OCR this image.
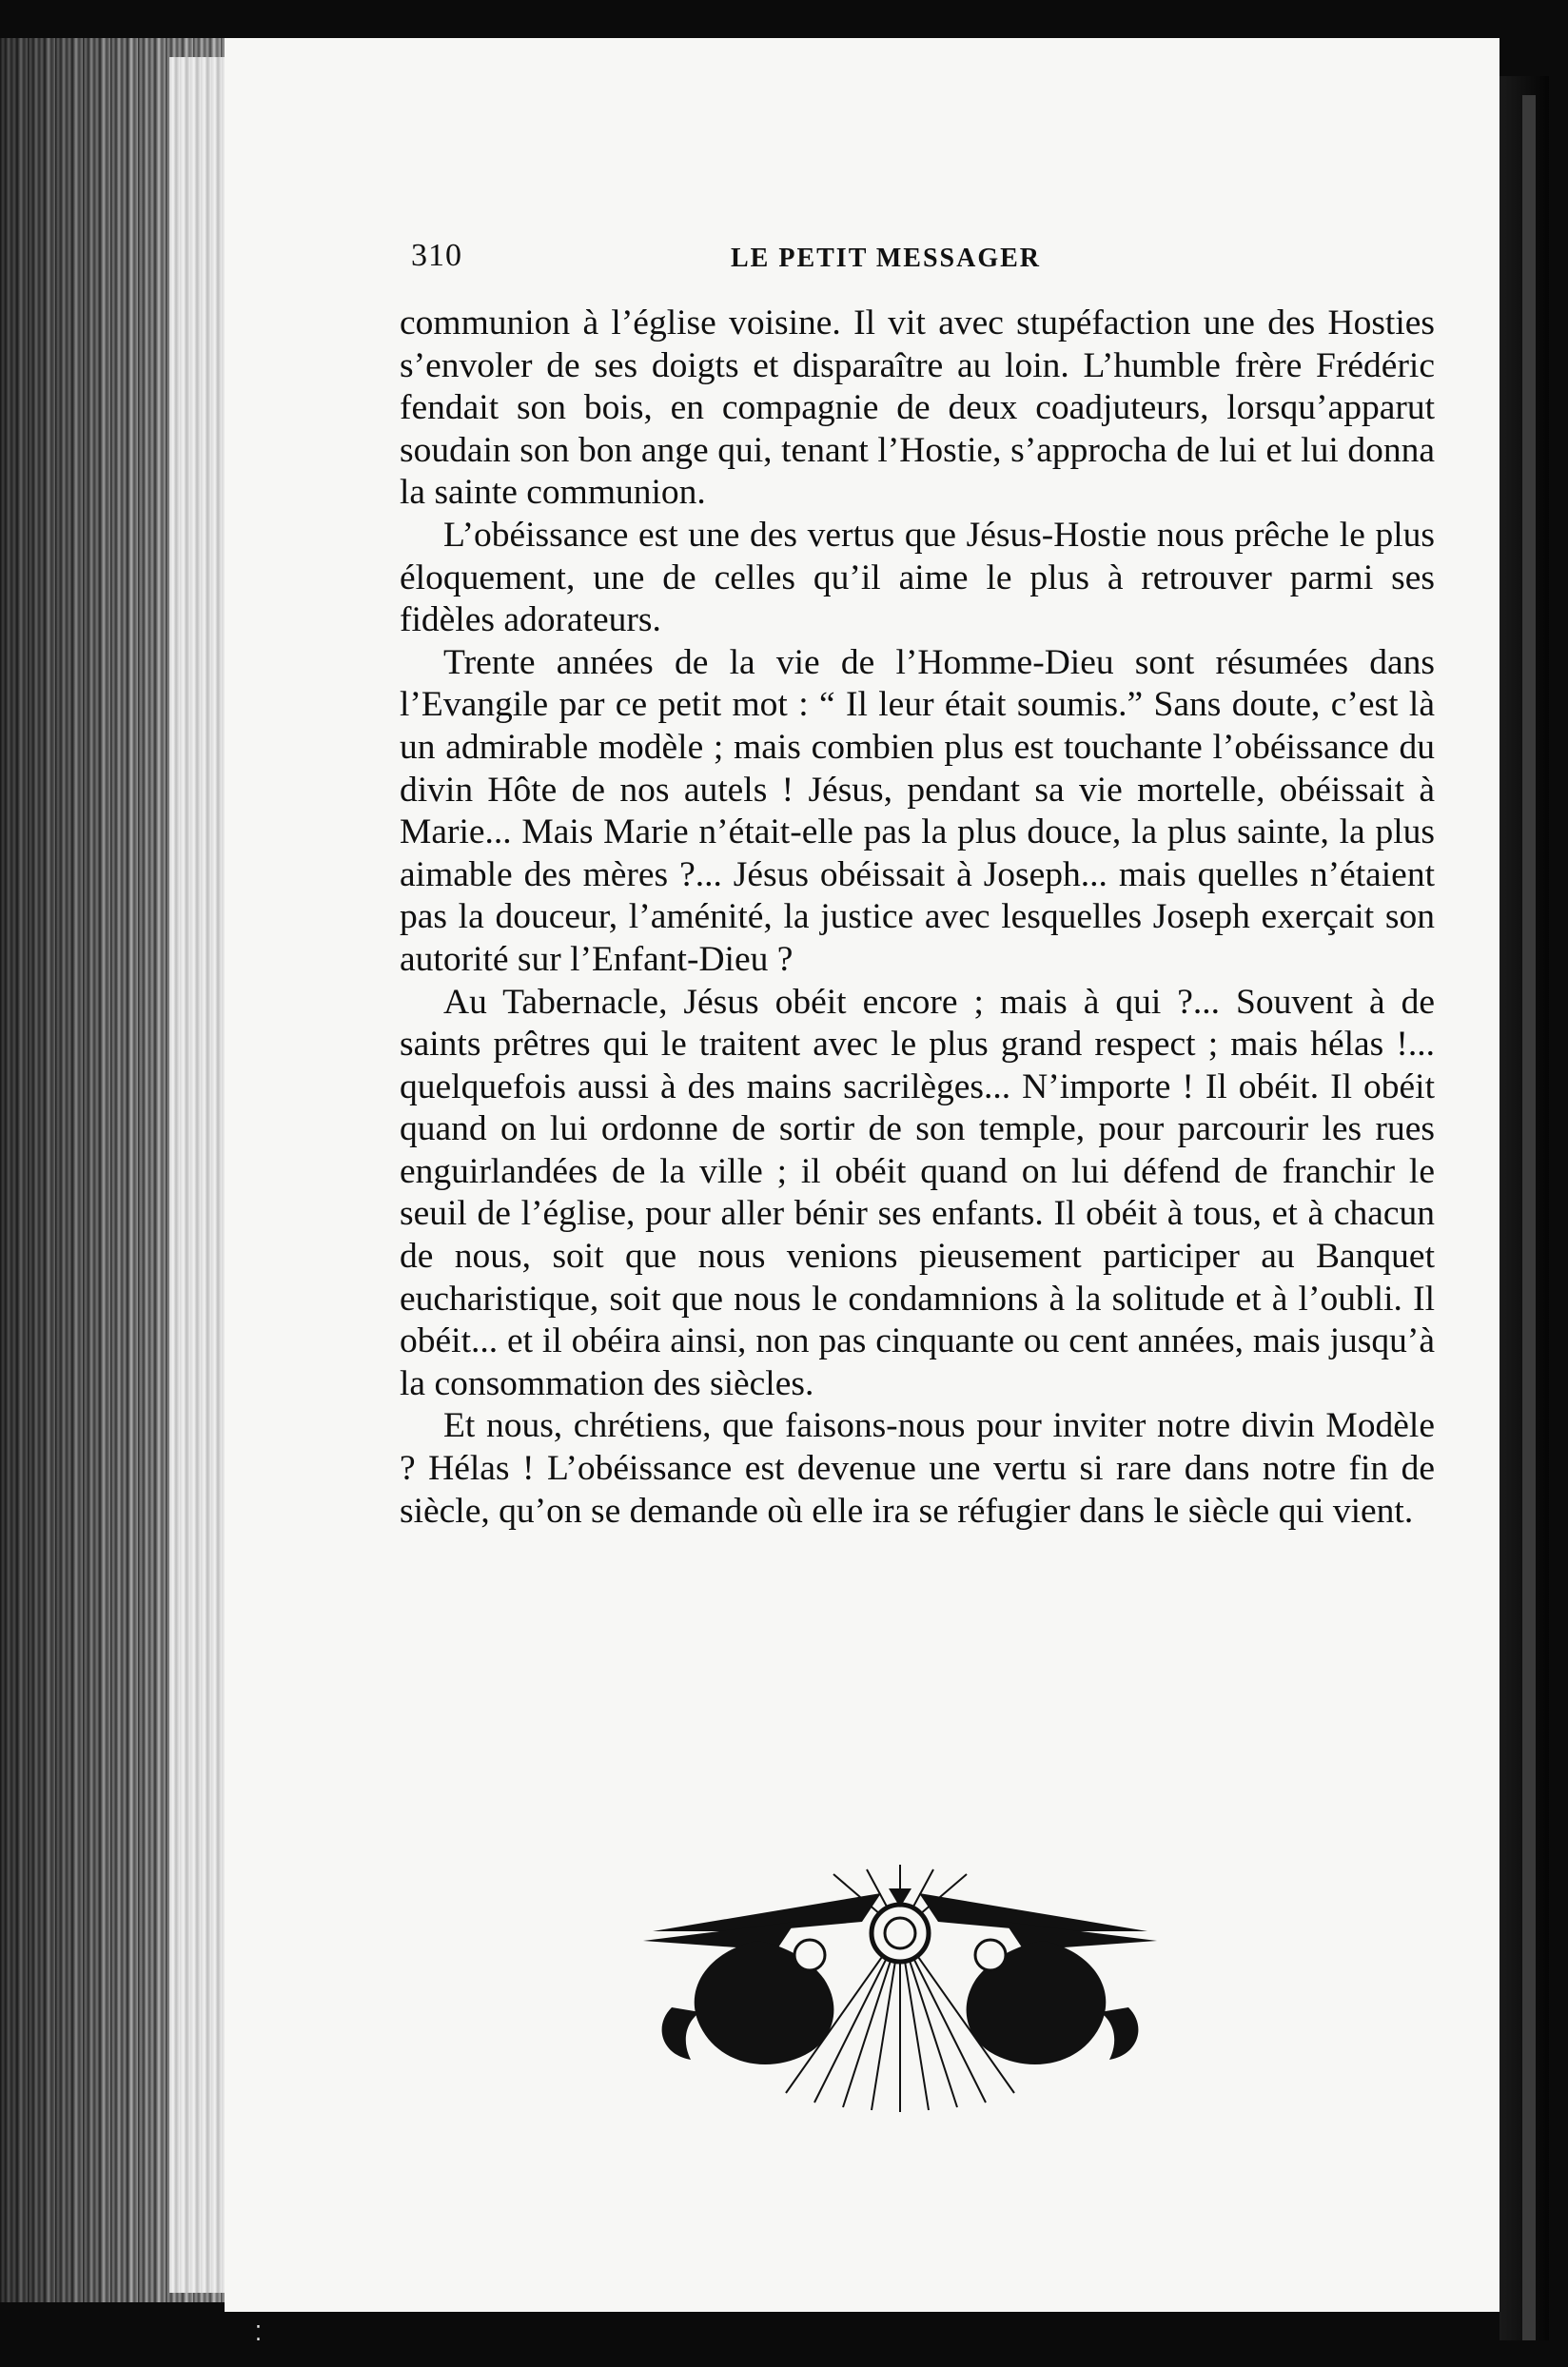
310	LE PETIT MESSAGER

communion à l’église voisine. Il vit avec stupéfaction une des Hosties s’envoler de ses doigts et disparaître au loin. L’humble frère Frédéric fendait son bois, en compagnie de deux coadjuteurs, lorsqu’apparut soudain son bon ange qui, tenant l’Hostie, s’approcha de lui et lui donna la sainte communion.

L’obéissance est une des vertus que Jésus-Hostie nous prêche le plus éloquement, une de celles qu’il aime le plus à retrouver parmi ses fidèles adorateurs.

Trente années de la vie de l’Homme-Dieu sont résumées dans l’Evangile par ce petit mot : “ Il leur était soumis.” Sans doute, c’est là un admirable modèle ; mais combien plus est touchante l’obéissance du divin Hôte de nos autels ! Jésus, pendant sa vie mortelle, obéissait à Marie... Mais Marie n’était-elle pas la plus douce, la plus sainte, la plus aimable des mères ?... Jésus obéissait à Joseph... mais quelles n’étaient pas la douceur, l’aménité, la justice avec lesquelles Joseph exerçait son autorité sur l’Enfant-Dieu ?

Au Tabernacle, Jésus obéit encore ; mais à qui ?... Souvent à de saints prêtres qui le traitent avec le plus grand respect ; mais hélas !... quelquefois aussi à des mains sacrilèges... N’importe ! Il obéit. Il obéit quand on lui ordonne de sortir de son temple, pour parcourir les rues enguirlandées de la ville ; il obéit quand on lui défend de franchir le seuil de l’église, pour aller bénir ses enfants. Il obéit à tous, et à chacun de nous, soit que nous venions pieusement participer au Banquet eucharistique, soit que nous le condamnions à la solitude et à l’oubli. Il obéit... et il obéira ainsi, non pas cinquante ou cent années, mais jusqu’à la consommation des siècles.

Et nous, chrétiens, que faisons-nous pour inviter notre divin Modèle ? Hélas ! L’obéissance est devenue une vertu si rare dans notre fin de siècle, qu’on se demande où elle ira se réfugier dans le siècle qui vient.

⁚
